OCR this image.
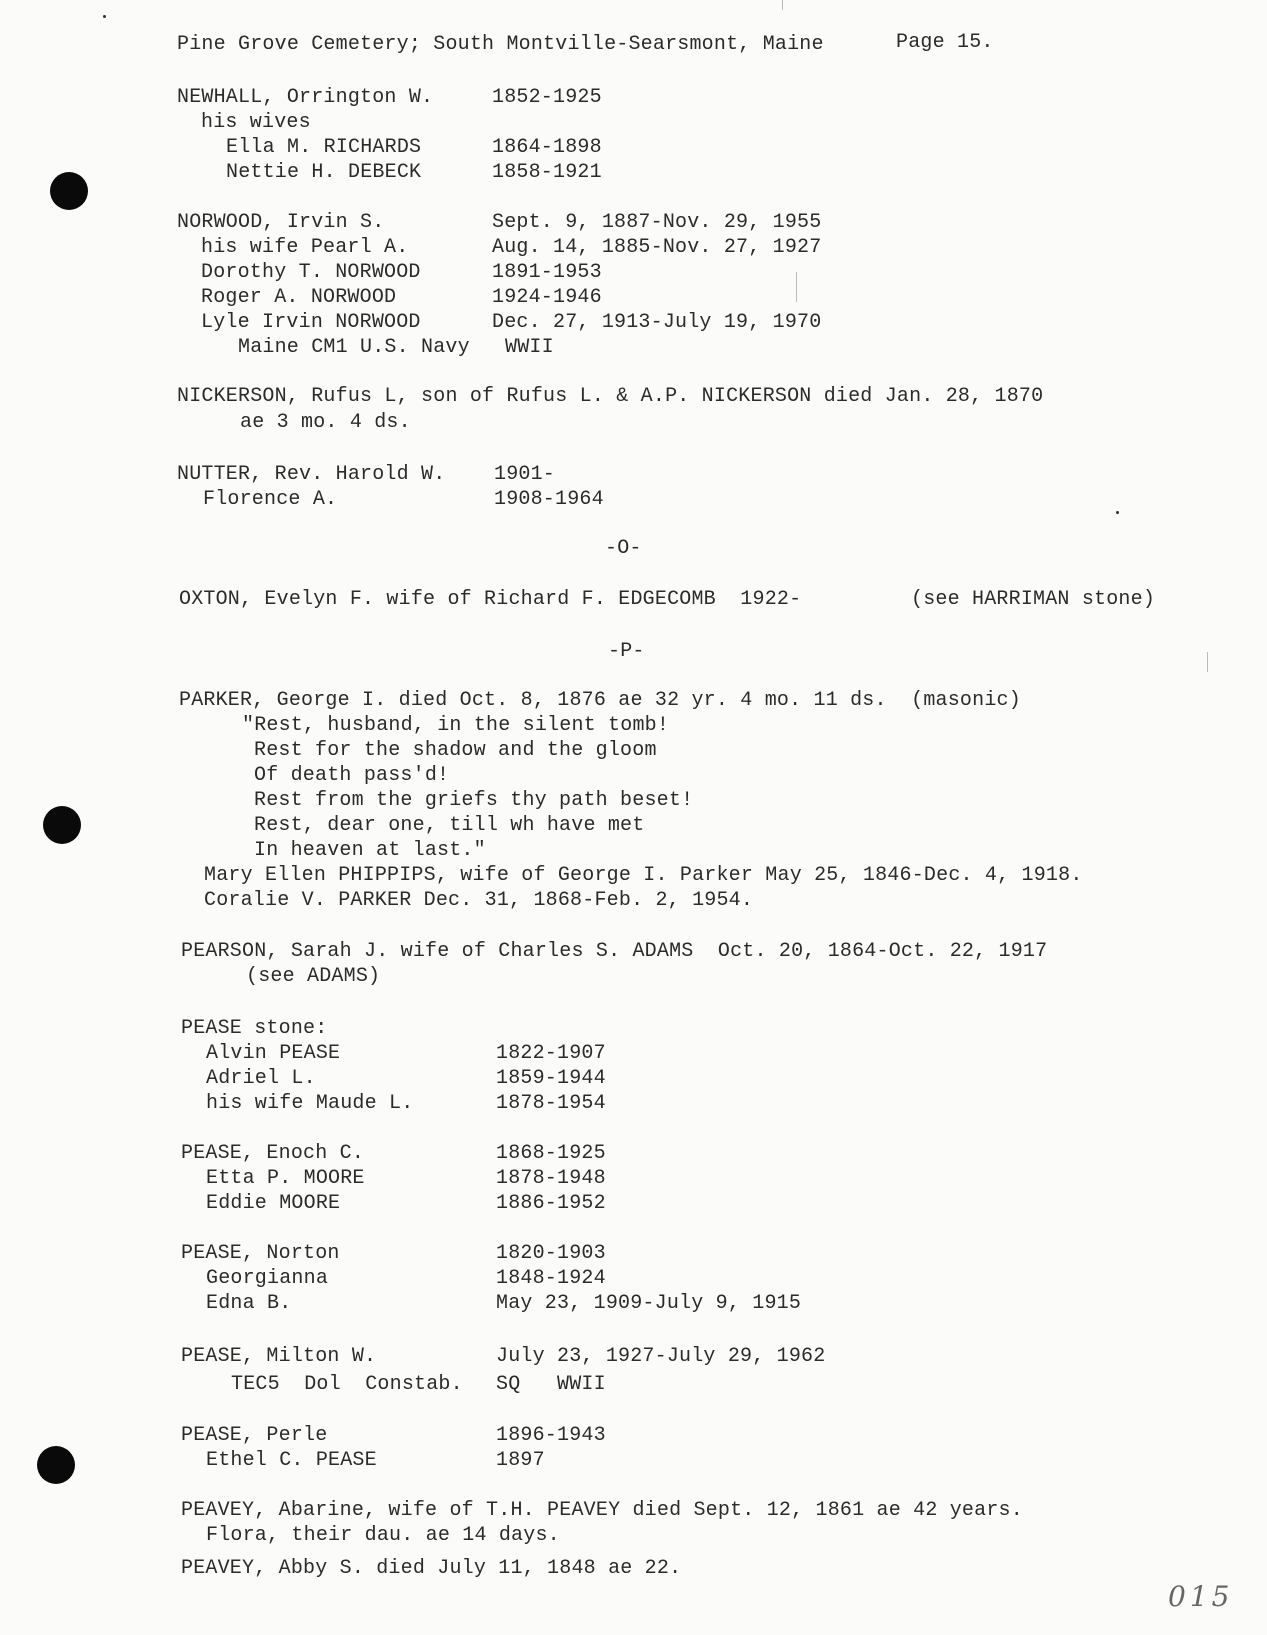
Pine Grove Cemetery; South Montville-Searsmont, Maine	Page 15.
NEWHALL, Orrington W.	1852-1925
his wives
Ella M. RICHARDS	1864-1898
Nettie H. DEBECK	1858-1921
NORWOOD, Irvin S.	Sept. 9, 1887-Nov. 29, 1955
his wife Pearl A.	Aug. 14, 1885-Nov. 27, 1927
Dorothy T. NORWOOD	1891-1953
Roger A. NORWOOD	1924-1946
Lyle Irvin NORWOOD	Dec. 27, 1913-July 19, 1970
Maine CM1 U.S. Navy WWII
NICKERSON, Rufus L, son of Rufus L. & A.P. NICKERSON died Jan. 28, 1870
ae 3 mo. 4 ds.
NUTTER, Rev. Harold W. 1901-
Florence A.	1908-1964
-O-
OXTON, Evelyn F. wife of Richard F. EDGECOMB  1922-	(see HARRIMAN stone)
-P-
PARKER, George I. died Oct. 8, 1876 ae 32 yr. 4 mo. 11 ds.  (masonic)
"Rest, husband, in the silent tomb!
Rest for the shadow and the gloom
Of death pass'd!
Rest from the griefs thy path beset!
Rest, dear one, till wh have met
In heaven at last."
Mary Ellen PHIPPIPS, wife of George I. Parker May 25, 1846-Dec. 4, 1918.
Coralie V. PARKER Dec. 31, 1868-Feb. 2, 1954.
PEARSON, Sarah J. wife of Charles S. ADAMS  Oct. 20, 1864-Oct. 22, 1917
(see ADAMS)
PEASE stone:
Alvin PEASE	1822-1907
Adriel L.	1859-1944
his wife Maude L.	1878-1954
PEASE, Enoch C.	1868-1925
Etta P. MOORE	1878-1948
Eddie MOORE	1886-1952
PEASE, Norton	1820-1903
Georgianna	1848-1924
Edna B.	May 23, 1909-July 9, 1915
PEASE, Milton W.	July 23, 1927-July 29, 1962
TEC5  Dol  Constab. SQ   WWII
PEASE, Perle	1896-1943
Ethel C. PEASE	1897
PEAVEY, Abarine, wife of T.H. PEAVEY died Sept. 12, 1861 ae 42 years.
Flora, their dau. ae 14 days.
PEAVEY, Abby S. died July 11, 1848 ae 22.
015
